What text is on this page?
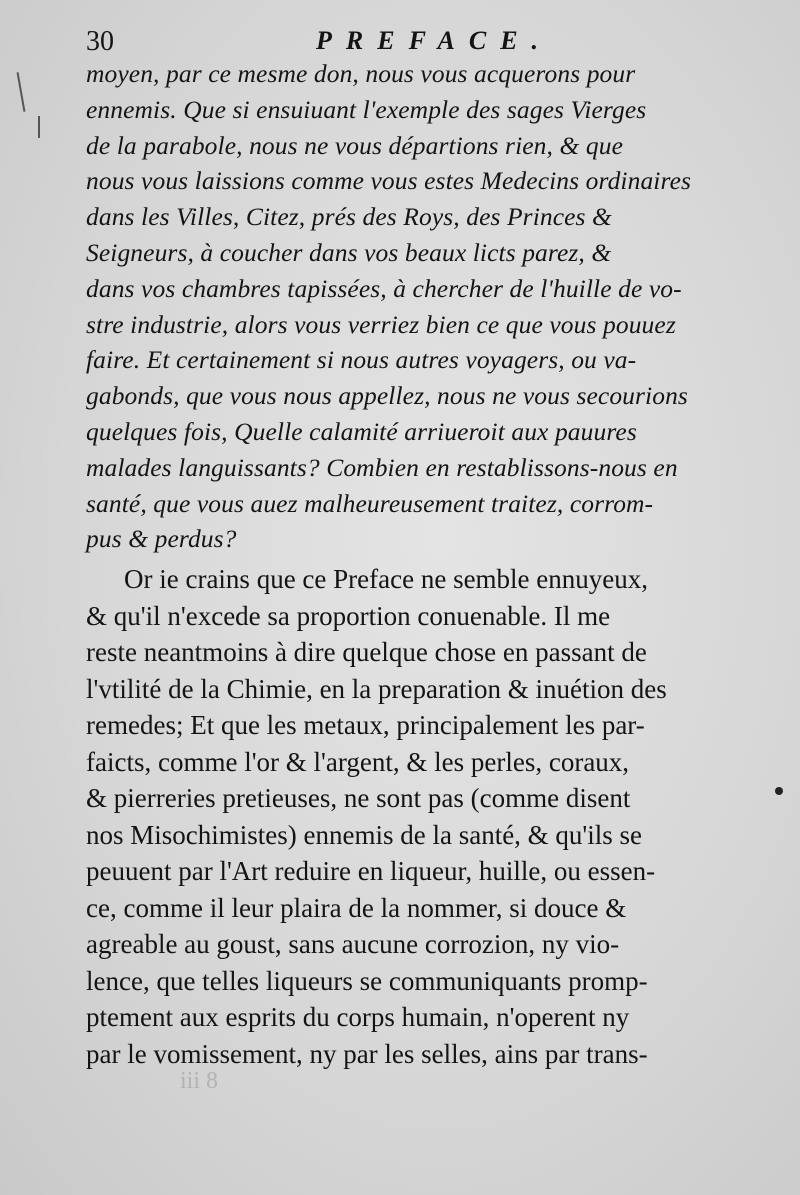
30	PREFACE.
moyen, par ce mesme don, nous vous acquerons pour
ennemis. Que si ensuiuant l'exemple des sages Vierges
de la parabole, nous ne vous départions rien, & que
nous vous laissions comme vous estes Medecins ordinaires
dans les Villes, Citez, prés des Roys, des Princes &
Seigneurs, à coucher dans vos beaux licts parez, &
dans vos chambres tapissées, à chercher de l'huille de vo-
stre industrie, alors vous verriez bien ce que vous pouuez
faire. Et certainement si nous autres voyagers, ou va-
gabonds, que vous nous appellez, nous ne vous secourions
quelques fois, Quelle calamité arriueroit aux pauures
malades languissants? Combien en restablissons-nous en
santé, que vous auez malheureusement traitez, corrom-
pus & perdus?
Or ie crains que ce Preface ne semble ennuyeux,
& qu'il n'excede sa proportion conuenable. Il me
reste neantmoins à dire quelque chose en passant de
l'vtilité de la Chimie, en la preparation & inuétion des
remedes; Et que les metaux, principalement les par-
faicts, comme l'or & l'argent, & les perles, coraux,
& pierreries pretieuses, ne sont pas (comme disent
nos Misochimistes) ennemis de la santé, & qu'ils se
peuuent par l'Art reduire en liqueur, huille, ou essen-
ce, comme il leur plaira de la nommer, si douce &
agreable au goust, sans aucune corrozion, ny vio-
lence, que telles liqueurs se communiquants promp-
ptement aux esprits du corps humain, n'operent ny
par le vomissement, ny par les selles, ains par trans-
iii 8
